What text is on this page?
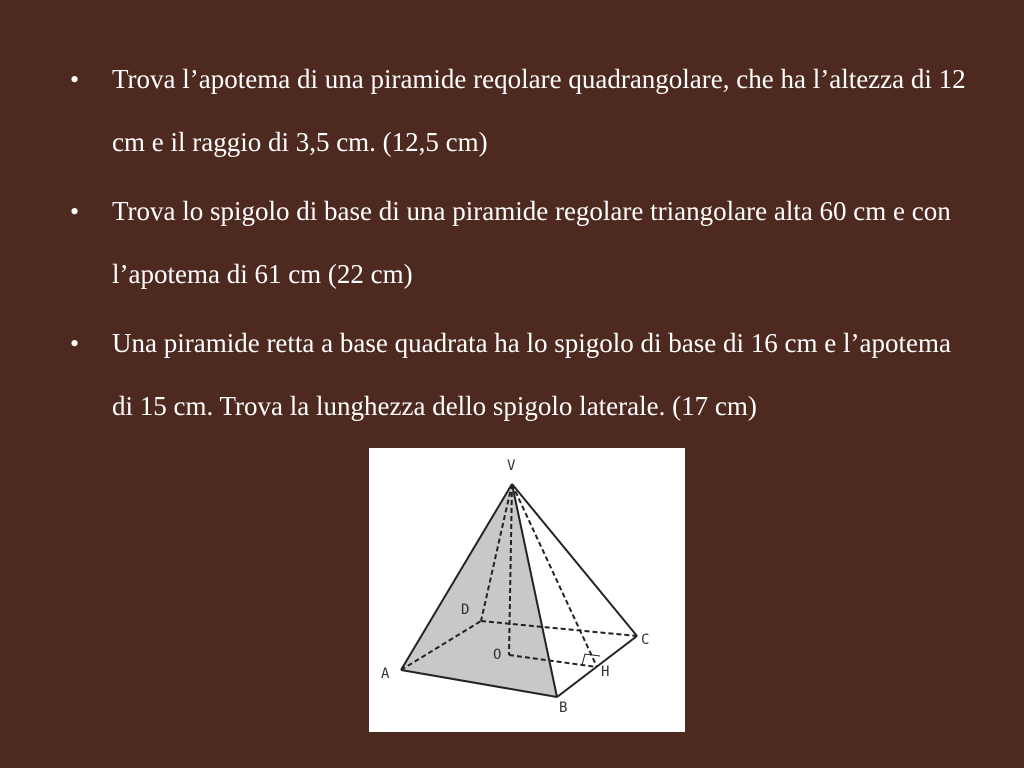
• Trova l’apotema di una piramide reqolare quadrangolare, che ha l’altezza di 12 cm e il raggio di 3,5 cm. (12,5 cm)
• Trova lo spigolo di base di una piramide regolare triangolare alta 60 cm e con l’apotema di 61 cm (22 cm)
• Una piramide retta a base quadrata ha lo spigolo di base di 16 cm e l’apotema di 15 cm. Trova la lunghezza dello spigolo laterale. (17 cm)
V
A
B
C
D
O
H
